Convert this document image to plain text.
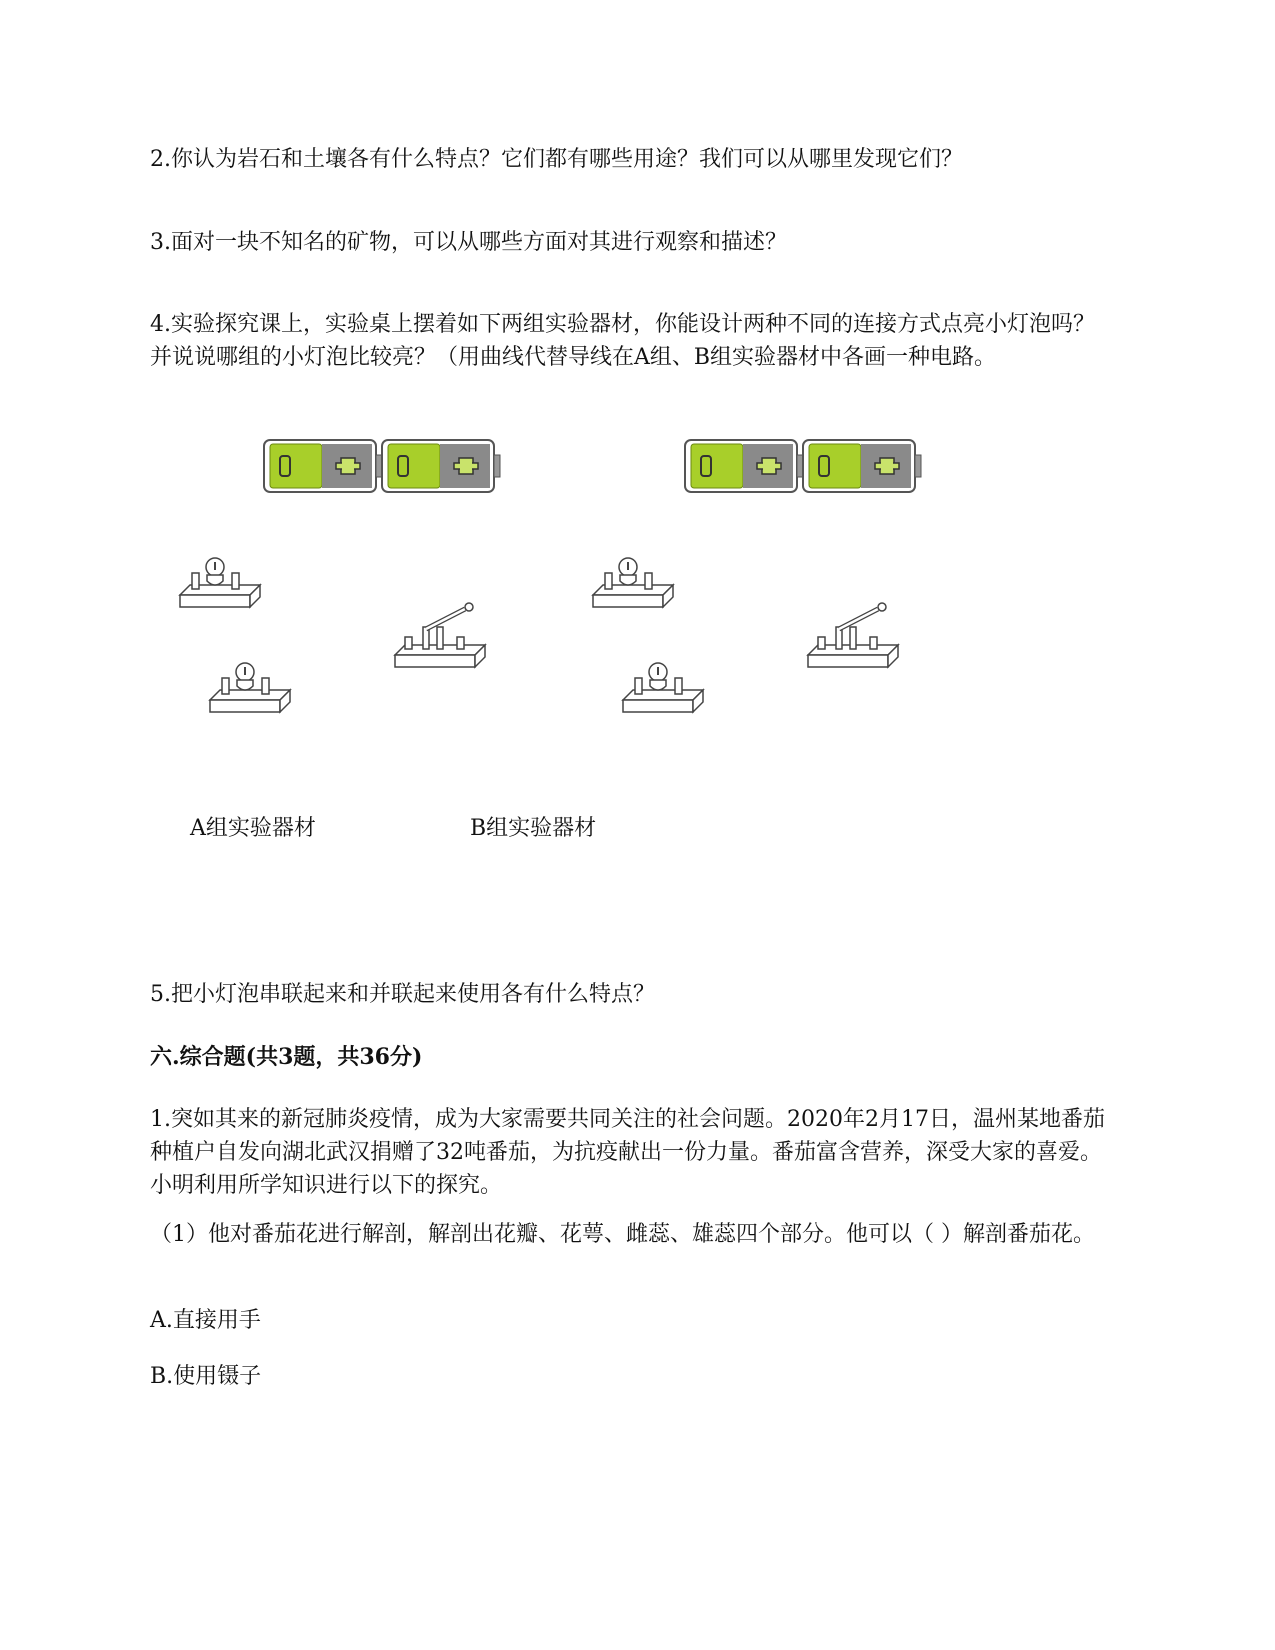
2.你认为岩石和土壤各有什么特点？它们都有哪些用途？我们可以从哪里发现它们？

3.面对一块不知名的矿物，可以从哪些方面对其进行观察和描述？

4.实验探究课上，实验桌上摆着如下两组实验器材，你能设计两种不同的连接方式点亮小灯泡吗？并说说哪组的小灯泡比较亮？（用曲线代替导线在A组、B组实验器材中各画一种电路。

A组实验器材	B组实验器材

5.把小灯泡串联起来和并联起来使用各有什么特点？

六.综合题(共3题，共36分)

1.突如其来的新冠肺炎疫情，成为大家需要共同关注的社会问题。2020年2月17日，温州某地番茄种植户自发向湖北武汉捐赠了32吨番茄，为抗疫献出一份力量。番茄富含营养，深受大家的喜爱。小明利用所学知识进行以下的探究。

（1）他对番茄花进行解剖，解剖出花瓣、花萼、雌蕊、雄蕊四个部分。他可以（ ）解剖番茄花。

A.直接用手

B.使用镊子
